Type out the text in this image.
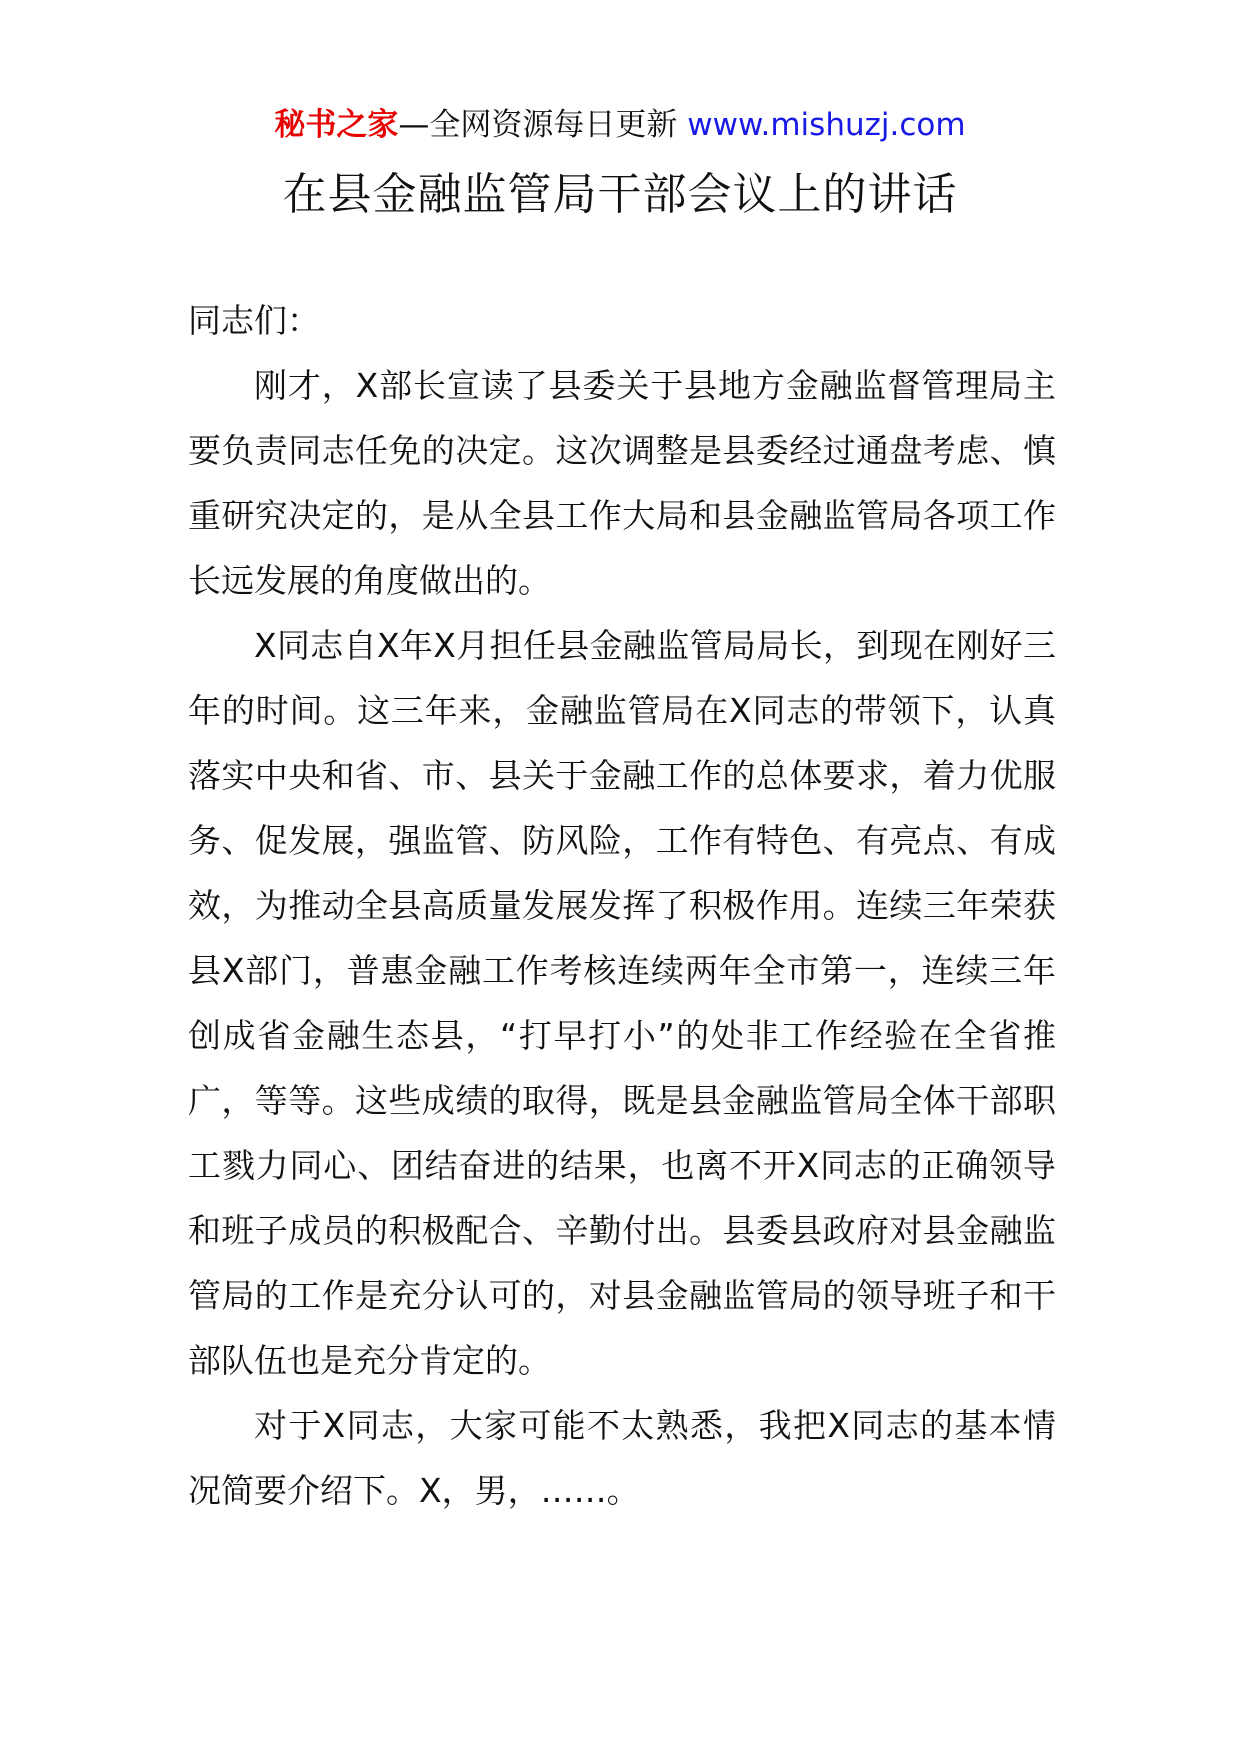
秘书之家—全网资源每日更新 www.mishuzj.com
在县金融监管局干部会议上的讲话

同志们：

刚才，X部长宣读了县委关于县地方金融监督管理局主要负责同志任免的决定。这次调整是县委经过通盘考虑、慎重研究决定的，是从全县工作大局和县金融监管局各项工作长远发展的角度做出的。

X同志自X年X月担任县金融监管局局长，到现在刚好三年的时间。这三年来，金融监管局在X同志的带领下，认真落实中央和省、市、县关于金融工作的总体要求，着力优服务、促发展，强监管、防风险，工作有特色、有亮点、有成效，为推动全县高质量发展发挥了积极作用。连续三年荣获县X部门，普惠金融工作考核连续两年全市第一，连续三年创成省金融生态县，“打早打小”的处非工作经验在全省推广，等等。这些成绩的取得，既是县金融监管局全体干部职工戮力同心、团结奋进的结果，也离不开X同志的正确领导和班子成员的积极配合、辛勤付出。县委县政府对县金融监管局的工作是充分认可的，对县金融监管局的领导班子和干部队伍也是充分肯定的。

对于X同志，大家可能不太熟悉，我把X同志的基本情况简要介绍下。X，男，……。
